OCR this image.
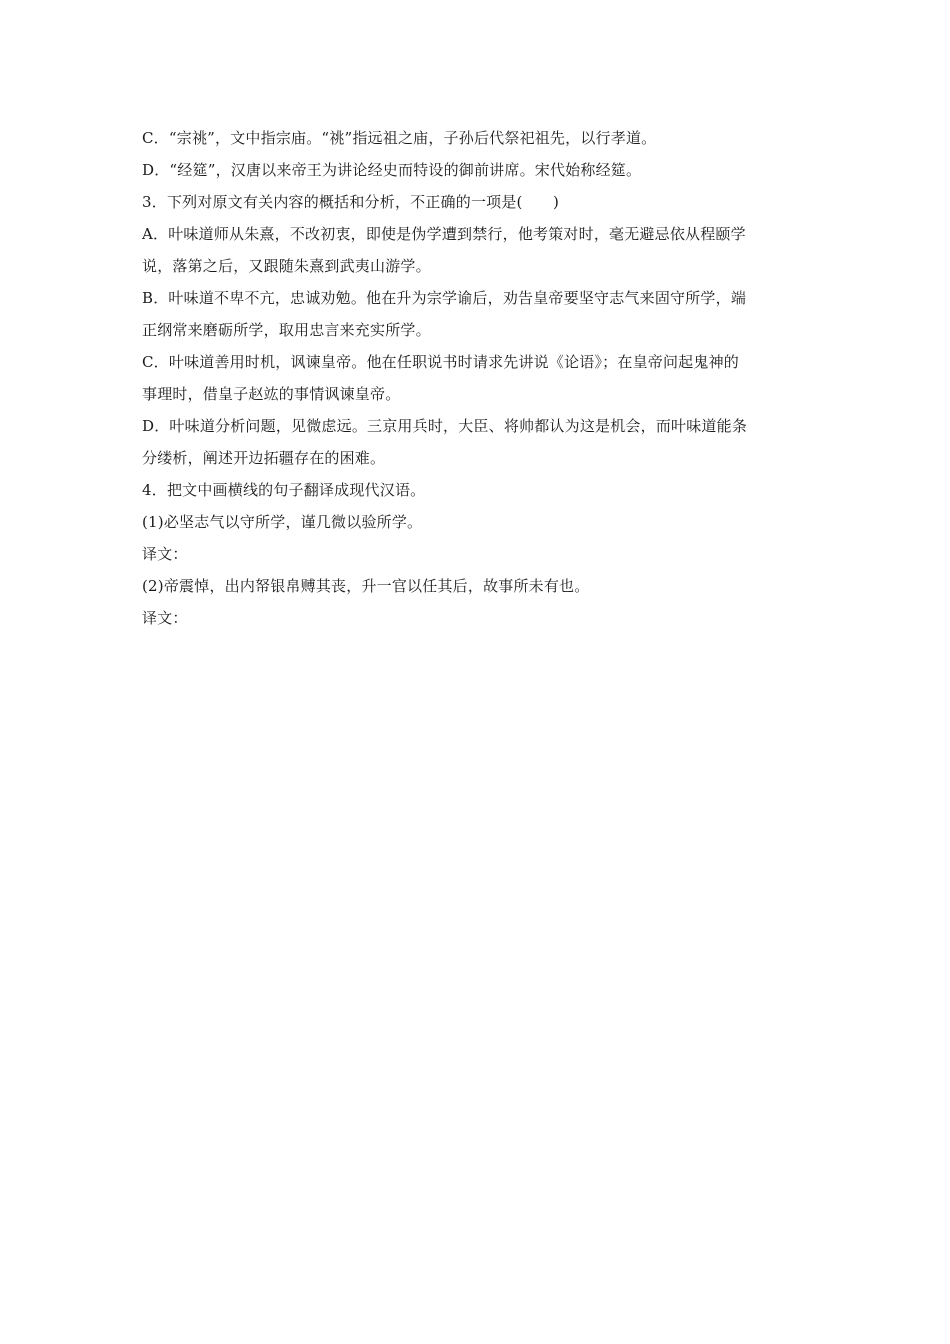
C．“宗祧”，文中指宗庙。“祧”指远祖之庙，子孙后代祭祀祖先，以行孝道。
D．“经筵”，汉唐以来帝王为讲论经史而特设的御前讲席。宋代始称经筵。
3．下列对原文有关内容的概括和分析，不正确的一项是(　　)
A．叶味道师从朱熹，不改初衷，即使是伪学遭到禁行，他考策对时，毫无避忌依从程颐学
说，落第之后，又跟随朱熹到武夷山游学。
B．叶味道不卑不亢，忠诚劝勉。他在升为宗学谕后，劝告皇帝要坚守志气来固守所学，端
正纲常来磨砺所学，取用忠言来充实所学。
C．叶味道善用时机，讽谏皇帝。他在任职说书时请求先讲说《论语》；在皇帝问起鬼神的
事理时，借皇子赵竑的事情讽谏皇帝。
D．叶味道分析问题，见微虑远。三京用兵时，大臣、将帅都认为这是机会，而叶味道能条
分缕析，阐述开边拓疆存在的困难。
4．把文中画横线的句子翻译成现代汉语。
(1)必坚志气以守所学，谨几微以验所学。
译文：
(2)帝震悼，出内帑银帛赙其丧，升一官以任其后，故事所未有也。
译文：
